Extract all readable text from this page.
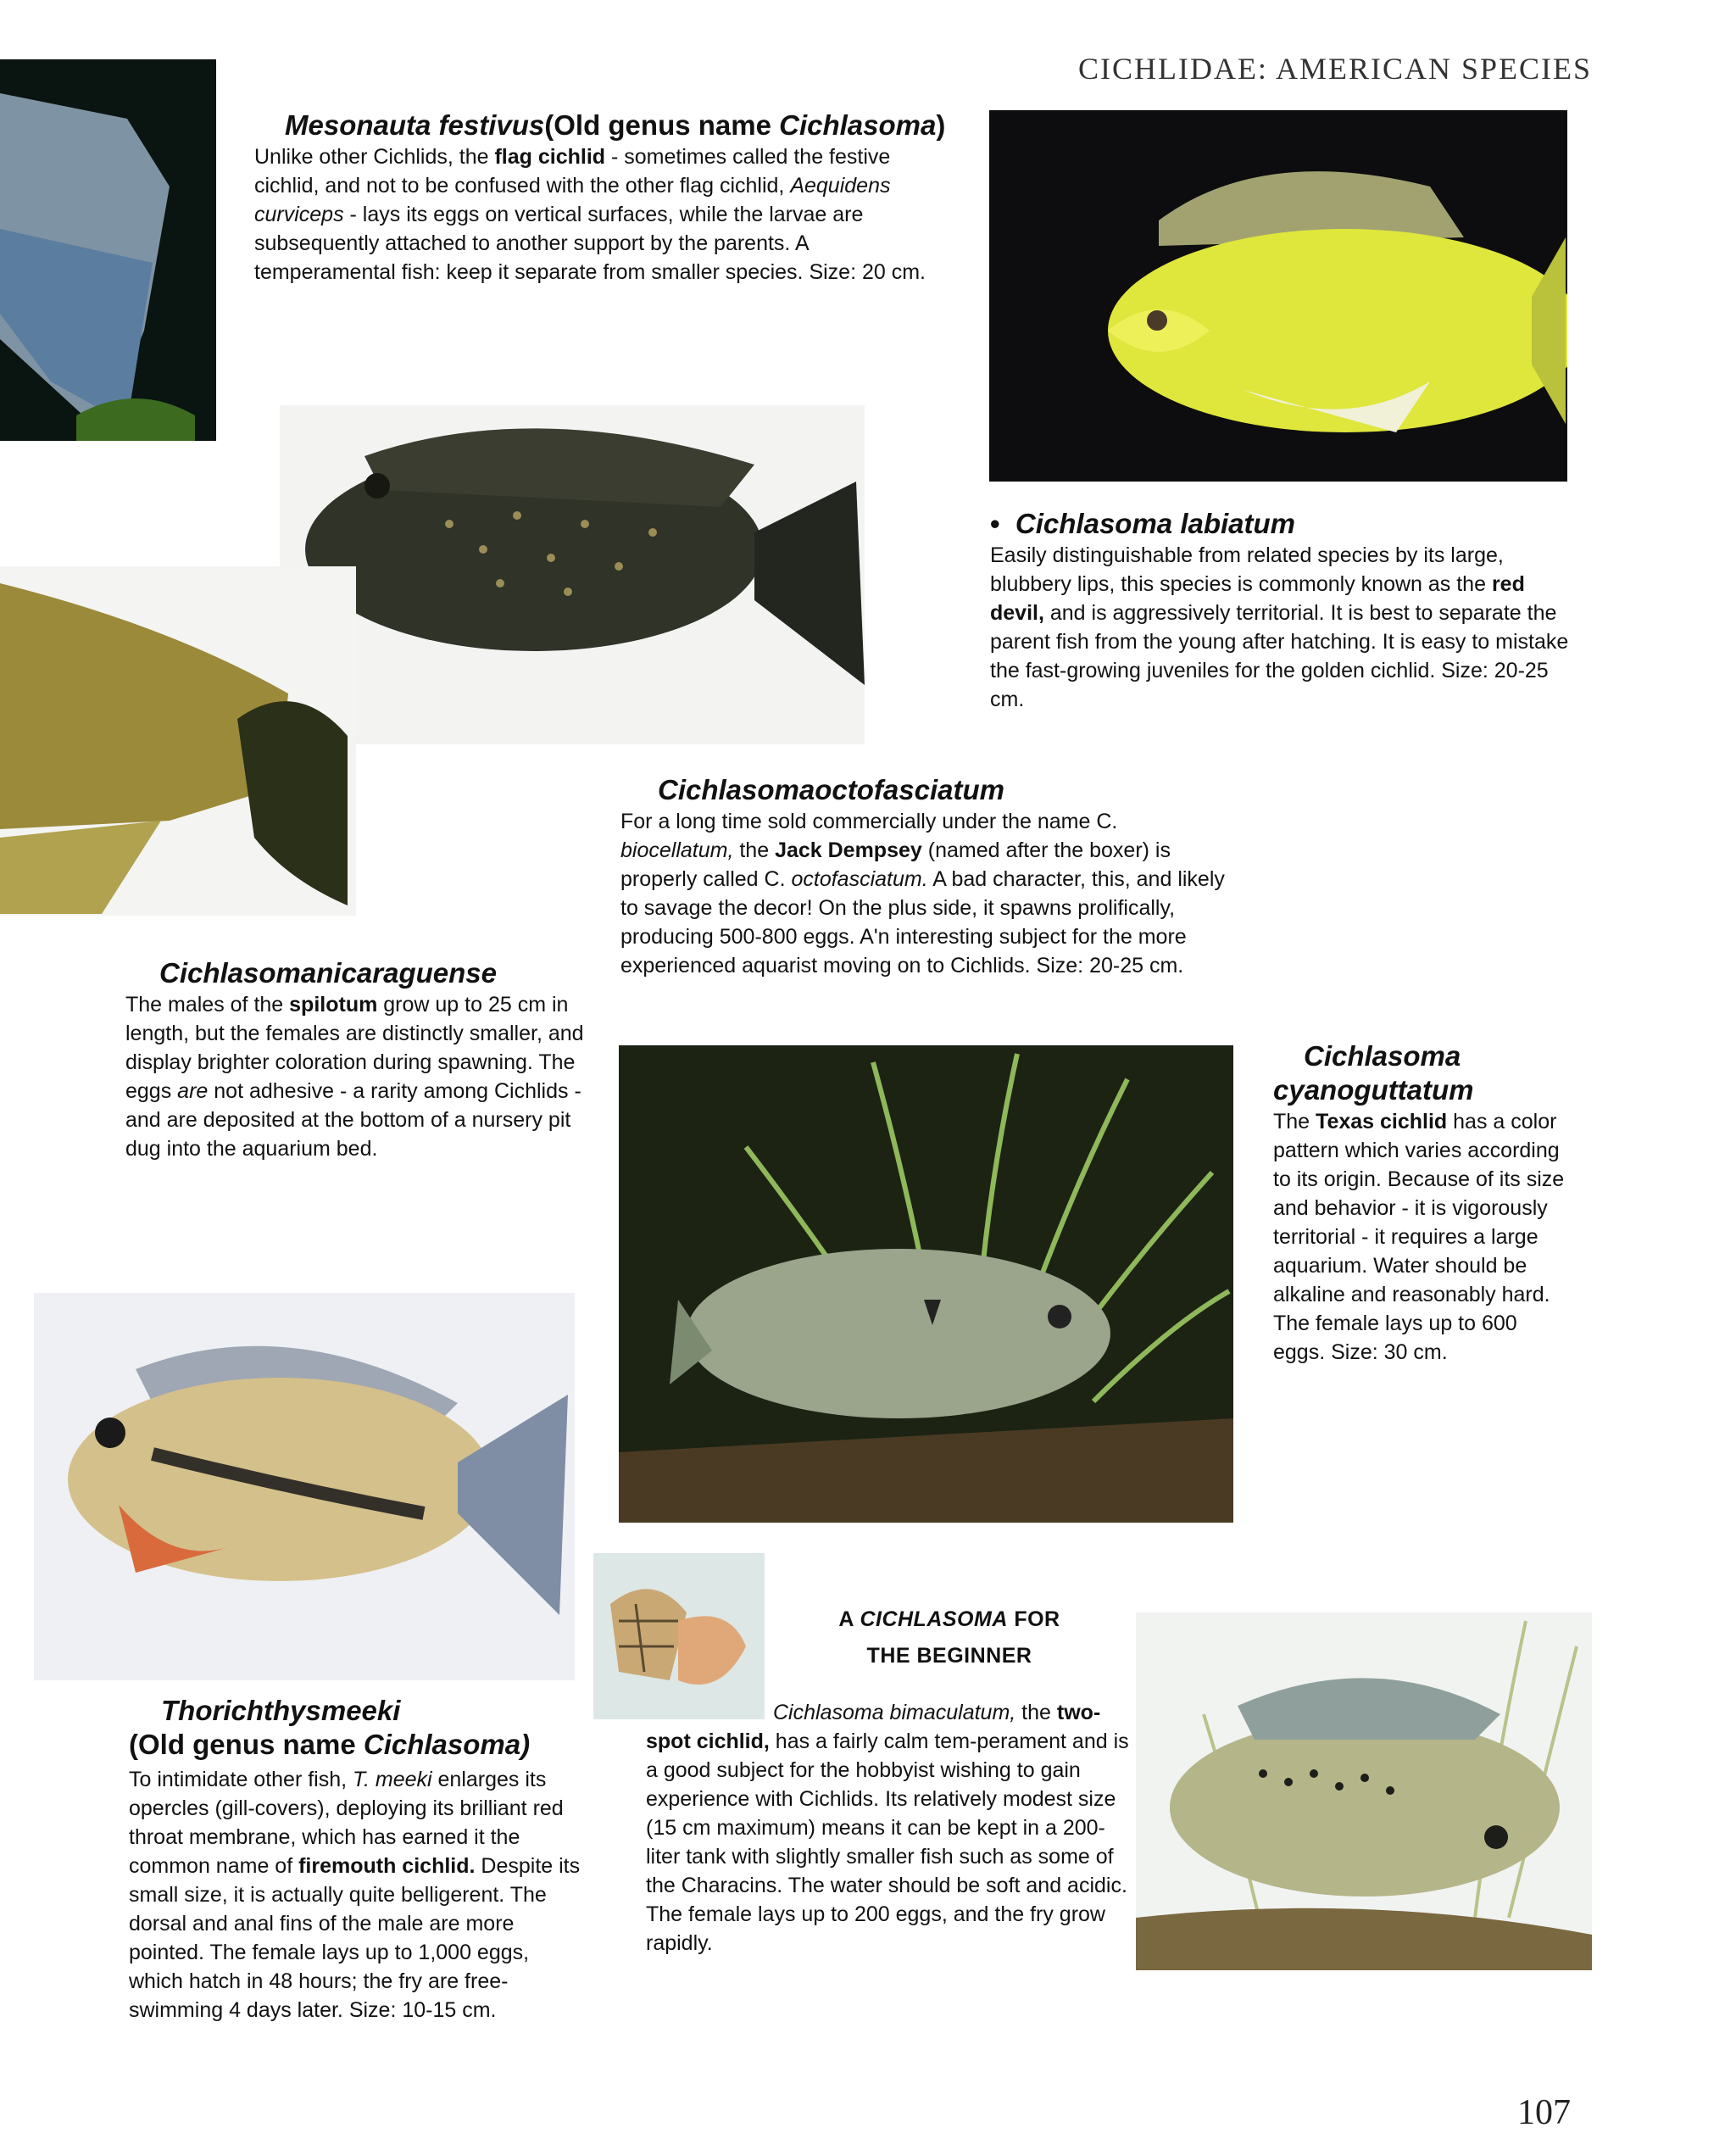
CICHLIDAE: AMERICAN SPECIES
107
Mesonauta festivus(Old genus name Cichlasoma)
Unlike other Cichlids, the flag cichlid - sometimes called the festive cichlid, and not to be confused with the other flag cichlid, Aequidens curviceps - lays its eggs on vertical surfaces, while the larvae are subsequently attached to another support by the parents. A temperamental fish: keep it separate from smaller species. Size: 20 cm.
• Cichlasoma labiatum
Easily distinguishable from related species by its large, blubbery lips, this species is commonly known as the red devil, and is aggressively territorial. It is best to separate the parent fish from the young after hatching. It is easy to mistake the fast-growing juveniles for the golden cichlid. Size: 20-25 cm.
Cichlasomaoctofasciatum
For a long time sold commercially under the name C. biocellatum, the Jack Dempsey (named after the boxer) is properly called C. octofasciatum. A bad character, this, and likely to savage the decor! On the plus side, it spawns prolifically, producing 500-800 eggs. A'n interesting subject for the more experienced aquarist moving on to Cichlids. Size: 20-25 cm.
Cichlasomanicaraguense
The males of the spilotum grow up to 25 cm in length, but the females are distinctly smaller, and display brighter coloration during spawning. The eggs are not adhesive - a rarity among Cichlids - and are deposited at the bottom of a nursery pit dug into the aquarium bed.
Cichlasoma
cyanoguttatum
The Texas cichlid has a color pattern which varies according to its origin. Because of its size and behavior - it is vigorously territorial - it requires a large aquarium. Water should be alkaline and reasonably hard. The female lays up to 600 eggs. Size: 30 cm.
Thorichthysmeeki
(Old genus name Cichlasoma)
To intimidate other fish, T. meeki enlarges its opercles (gill-covers), deploying its brilliant red throat membrane, which has earned it the common name of firemouth cichlid. Despite its small size, it is actually quite belligerent. The dorsal and anal fins of the male are more pointed. The female lays up to 1,000 eggs, which hatch in 48 hours; the fry are free-swimming 4 days later. Size: 10-15 cm.
A CICHLASOMA FOR
THE BEGINNER
Cichlasoma bimaculatum, the two-spot cichlid, has a fairly calm tem-perament and is a good subject for the hobbyist wishing to gain experience with Cichlids. Its relatively modest size (15 cm maximum) means it can be kept in a 200-liter tank with slightly smaller fish such as some of the Characins. The water should be soft and acidic. The female lays up to 200 eggs, and the fry grow rapidly.
